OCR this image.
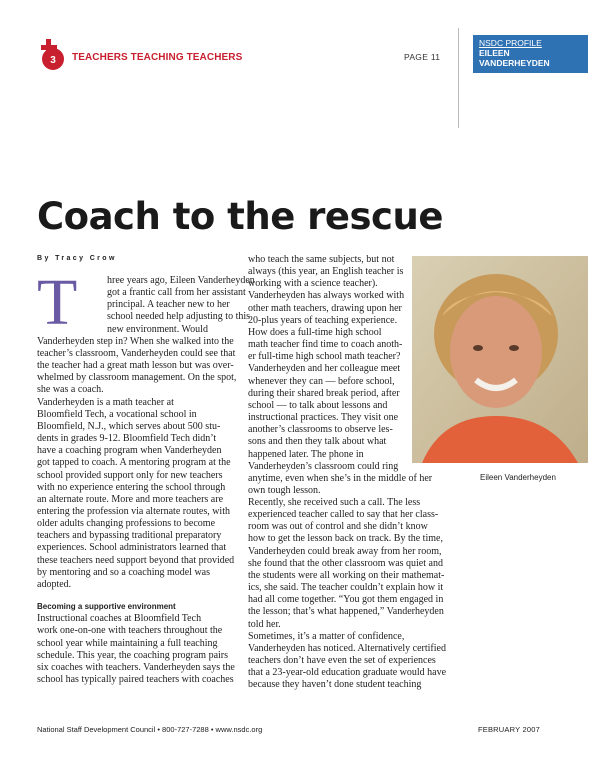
3 TEACHERS TEACHING TEACHERS	PAGE 11
NSDC PROFILE
EILEEN
VANDERHEYDEN
Coach to the rescue
By Tracy Crow
T	hree years ago, Eileen Vanderheyden
got a frantic call from her assistant
principal. A teacher new to her
school needed help adjusting to this
new environment. Would
Vanderheyden step in? When she walked into the
teacher’s classroom, Vanderheyden could see that
the teacher had a great math lesson but was over-
whelmed by classroom management. On the spot,
she was a coach.
Vanderheyden is a math teacher at
Bloomfield Tech, a vocational school in
Bloomfield, N.J., which serves about 500 stu-
dents in grades 9-12. Bloomfield Tech didn’t
have a coaching program when Vanderheyden
got tapped to coach. A mentoring program at the
school provided support only for new teachers
with no experience entering the school through
an alternate route. More and more teachers are
entering the profession via alternate routes, with
older adults changing professions to become
teachers and bypassing traditional preparatory
experiences. School administrators learned that
these teachers need support beyond that provided
by mentoring and so a coaching model was
adopted.
Becoming a supportive environment
Instructional coaches at Bloomfield Tech
work one-on-one with teachers throughout the
school year while maintaining a full teaching
schedule. This year, the coaching program pairs
six coaches with teachers. Vanderheyden says the
school has typically paired teachers with coaches
who teach the same subjects, but not
always (this year, an English teacher is
working with a science teacher).
Vanderheyden has always worked with
other math teachers, drawing upon her
20-plus years of teaching experience.
How does a full-time high school
math teacher find time to coach anoth-
er full-time high school math teacher?
Vanderheyden and her colleague meet
whenever they can — before school,
during their shared break period, after
school — to talk about lessons and
instructional practices. They visit one
another’s classrooms to observe les-
sons and then they talk about what
happened later. The phone in
Vanderheyden’s classroom could ring
anytime, even when she’s in the middle of her
own tough lesson.
Recently, she received such a call. The less
experienced teacher called to say that her class-
room was out of control and she didn’t know
how to get the lesson back on track. By the time,
Vanderheyden could break away from her room,
she found that the other classroom was quiet and
the students were all working on their mathemat-
ics, she said. The teacher couldn’t explain how it
had all come together. “You got them engaged in
the lesson; that’s what happened,” Vanderheyden
told her.
Sometimes, it’s a matter of confidence,
Vanderheyden has noticed. Alternatively certified
teachers don’t have even the set of experiences
that a 23-year-old education graduate would have
because they haven’t done student teaching
Eileen Vanderheyden
National Staff Development Council • 800-727-7288 • www.nsdc.org	FEBRUARY 2007
